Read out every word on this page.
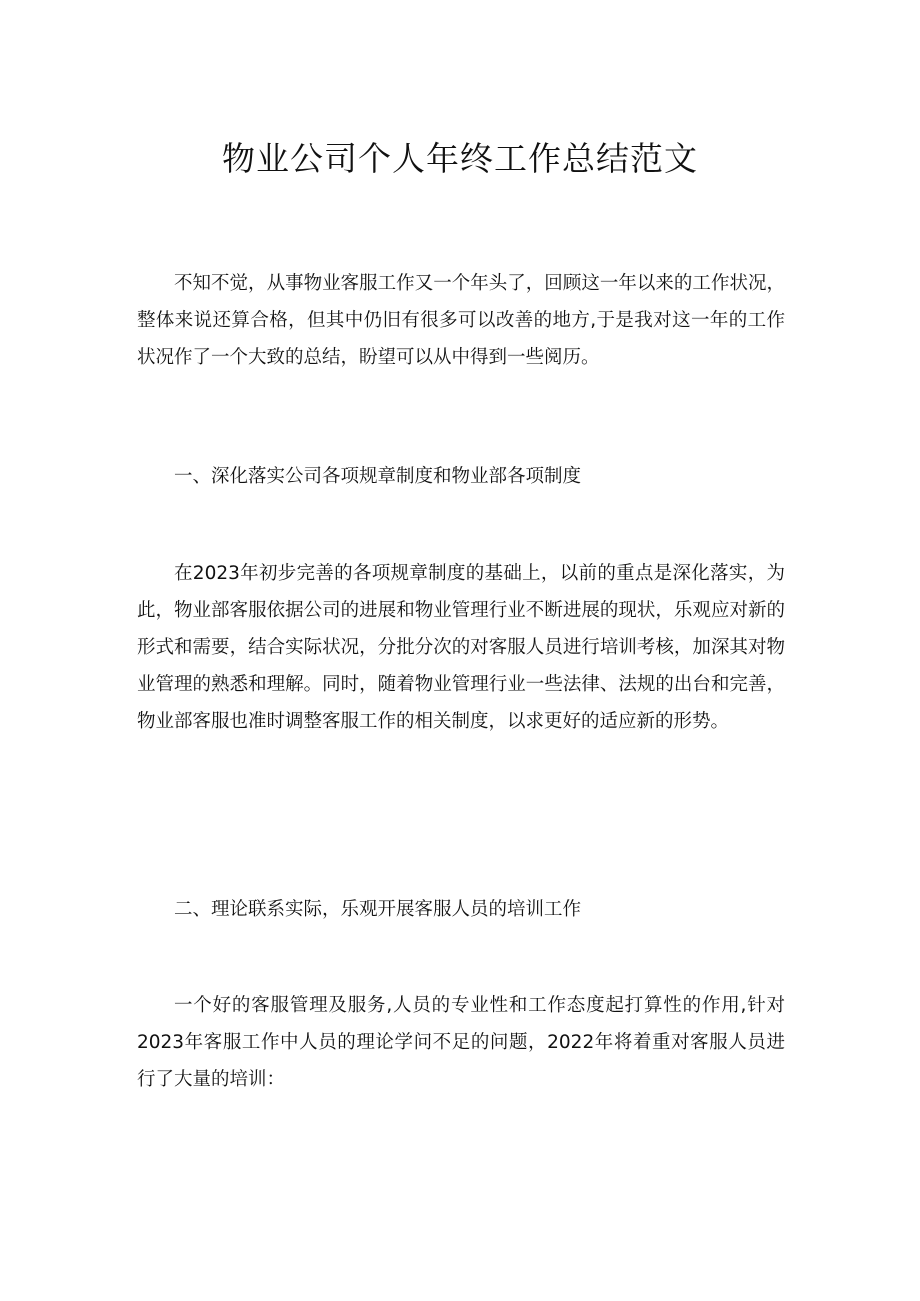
物业公司个人年终工作总结范文

不知不觉，从事物业客服工作又一个年头了，回顾这一年以来的工作状况，整体来说还算合格，但其中仍旧有很多可以改善的地方,于是我对这一年的工作状况作了一个大致的总结，盼望可以从中得到一些阅历。

一、深化落实公司各项规章制度和物业部各项制度

在2023年初步完善的各项规章制度的基础上，以前的重点是深化落实，为此，物业部客服依据公司的进展和物业管理行业不断进展的现状，乐观应对新的形式和需要，结合实际状况，分批分次的对客服人员进行培训考核，加深其对物业管理的熟悉和理解。同时，随着物业管理行业一些法律、法规的出台和完善，物业部客服也准时调整客服工作的相关制度，以求更好的适应新的形势。

二、理论联系实际，乐观开展客服人员的培训工作

一个好的客服管理及服务,人员的专业性和工作态度起打算性的作用,针对2023年客服工作中人员的理论学问不足的问题，2022年将着重对客服人员进行了大量的培训：
